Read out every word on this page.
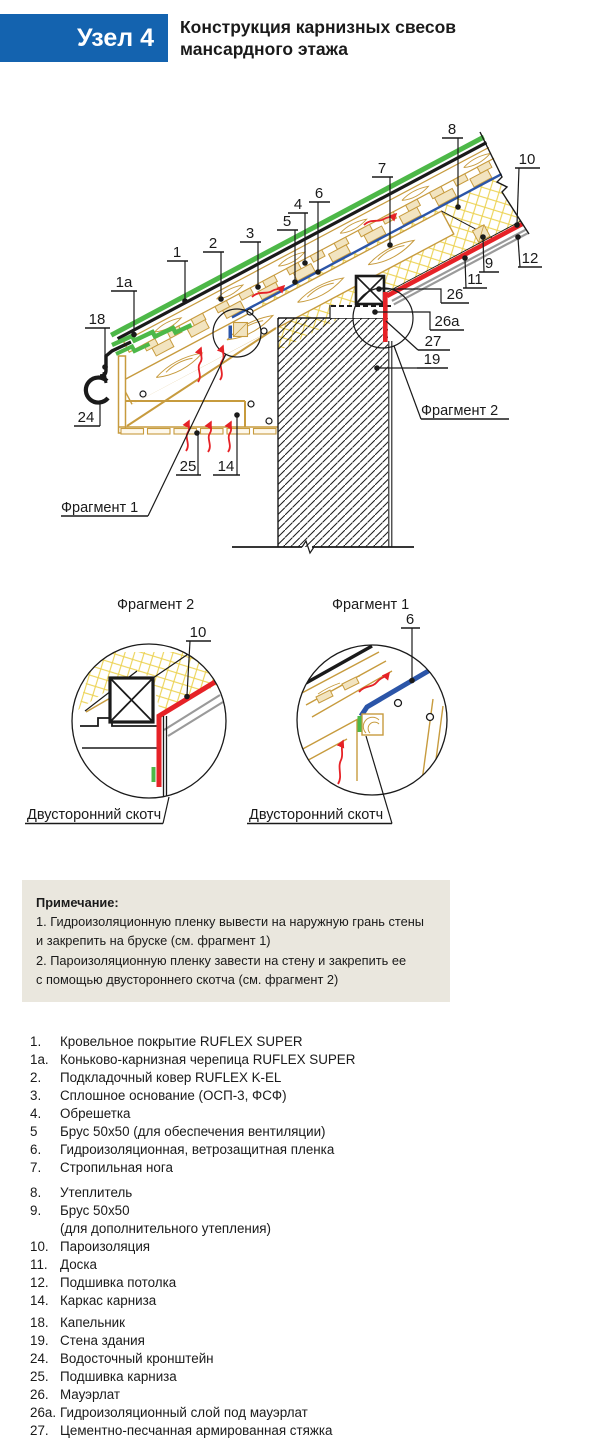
Узел 4 Конструкция карнизных свесов
мансардного этажа
1а
1
2
3
5
4
6
7
8
10
12
9
11
26
26а
27
19
18
24
25 14
Фрагмент 1
Фрагмент 2
Фрагмент 2
10
Двусторонний скотч
Фрагмент 1
6
Двусторонний скотч
Примечание:
1. Гидроизоляционную пленку вывести на наружную грань стены
и закрепить на бруске (см. фрагмент 1)
2. Пароизоляционную пленку завести на стену и закрепить ее
с помощью двустороннего скотча (см. фрагмент 2)
1.	Кровельное покрытие RUFLEX SUPER
1а. Коньково-карнизная черепица RUFLEX SUPER
2.	Подкладочный ковер RUFLEX K-EL
3.	Сплошное основание (ОСП-3, ФСФ)
4.	Обрешетка
5	Брус 50х50 (для обеспечения вентиляции)
6.	Гидроизоляционная, ветрозащитная пленка
7.	Стропильная нога
8.	Утеплитель
9.	Брус 50х50
(для дополнительного утепления)
10. Пароизоляция
11. Доска
12. Подшивка потолка
14. Каркас карниза
18. Капельник
19. Стена здания
24. Водосточный кронштейн
25. Подшивка карниза
26. Мауэрлат
26а. Гидроизоляционный слой под мауэрлат
27. Цементно-песчанная армированная стяжка
